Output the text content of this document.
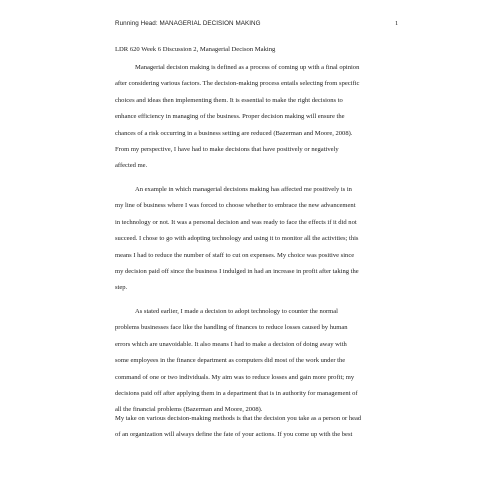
Running Head: MANAGERIAL DECISION MAKING	1
LDR 620 Week 6 Discussion 2, Managerial Decison Making

Managerial decision making is defined as a process of coming up with a final opinion
after considering various factors. The decision-making process entails selecting from specific
choices and ideas then implementing them. It is essential to make the right decisions to
enhance efficiency in managing of the business. Proper decision making will ensure the
chances of a risk occurring in a business setting are reduced (Bazerman and Moore, 2008).
From my perspective, I have had to make decisions that have positively or negatively
affected me.

An example in which managerial decisions making has affected me positively is in
my line of business where I was forced to choose whether to embrace the new advancement
in technology or not. It was a personal decision and was ready to face the effects if it did not
succeed. I chose to go with adopting technology and using it to monitor all the activities; this
means I had to reduce the number of staff to cut on expenses. My choice was positive since
my decision paid off since the business I indulged in had an increase in profit after taking the
step.

As stated earlier, I made a decision to adopt technology to counter the normal
problems businesses face like the handling of finances to reduce losses caused by human
errors which are unavoidable. It also means I had to make a decision of doing away with
some employees in the finance department as computers did most of the work under the
command of one or two individuals. My aim was to reduce losses and gain more profit; my
decisions paid off after applying them in a department that is in authority for management of
all the financial problems (Bazerman and Moore, 2008).

My take on various decision-making methods is that the decision you take as a person or head
of an organization will always define the fate of your actions. If you come up with the best
